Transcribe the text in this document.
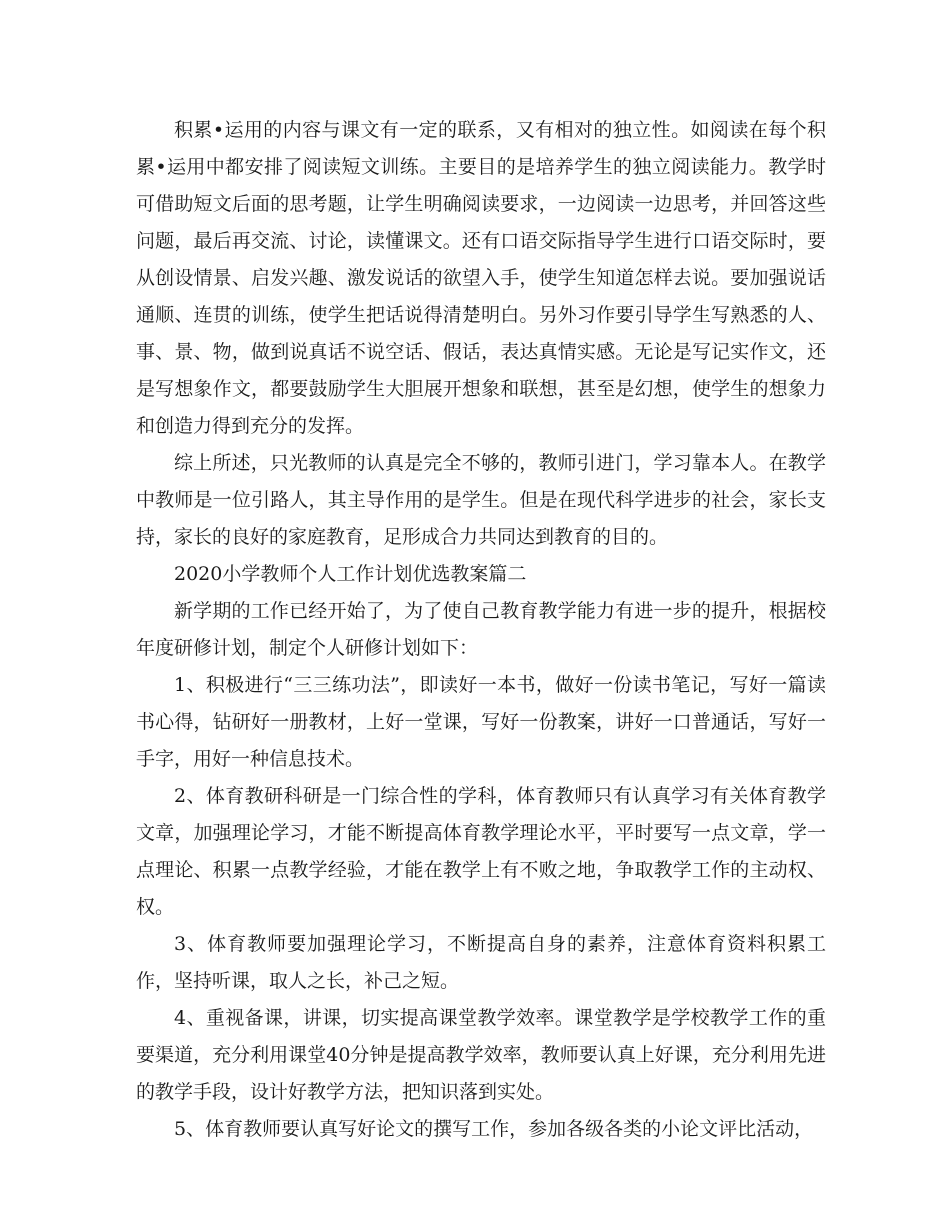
积累•运用的内容与课文有一定的联系，又有相对的独立性。如阅读在每个积累•运用中都安排了阅读短文训练。主要目的是培养学生的独立阅读能力。教学时可借助短文后面的思考题，让学生明确阅读要求，一边阅读一边思考，并回答这些问题，最后再交流、讨论，读懂课文。还有口语交际指导学生进行口语交际时，要从创设情景、启发兴趣、激发说话的欲望入手，使学生知道怎样去说。要加强说话通顺、连贯的训练，使学生把话说得清楚明白。另外习作要引导学生写熟悉的人、事、景、物，做到说真话不说空话、假话，表达真情实感。无论是写记实作文，还是写想象作文，都要鼓励学生大胆展开想象和联想，甚至是幻想，使学生的想象力和创造力得到充分的发挥。

综上所述，只光教师的认真是完全不够的，教师引进门，学习靠本人。在教学中教师是一位引路人，其主导作用的是学生。但是在现代科学进步的社会，家长支持，家长的良好的家庭教育，足形成合力共同达到教育的目的。

2020小学教师个人工作计划优选教案篇二

新学期的工作已经开始了，为了使自己教育教学能力有进一步的提升，根据校年度研修计划，制定个人研修计划如下：

1、积极进行“三三练功法”，即读好一本书，做好一份读书笔记，写好一篇读书心得，钻研好一册教材，上好一堂课，写好一份教案，讲好一口普通话，写好一手字，用好一种信息技术。

2、体育教研科研是一门综合性的学科，体育教师只有认真学习有关体育教学文章，加强理论学习，才能不断提高体育教学理论水平，平时要写一点文章，学一点理论、积累一点教学经验，才能在教学上有不败之地，争取教学工作的主动权、权。

3、体育教师要加强理论学习，不断提高自身的素养，注意体育资料积累工作，坚持听课，取人之长，补己之短。

4、重视备课，讲课，切实提高课堂教学效率。课堂教学是学校教学工作的重要渠道，充分利用课堂40分钟是提高教学效率，教师要认真上好课，充分利用先进的教学手段，设计好教学方法，把知识落到实处。

5、体育教师要认真写好论文的撰写工作，参加各级各类的小论文评比活动，
